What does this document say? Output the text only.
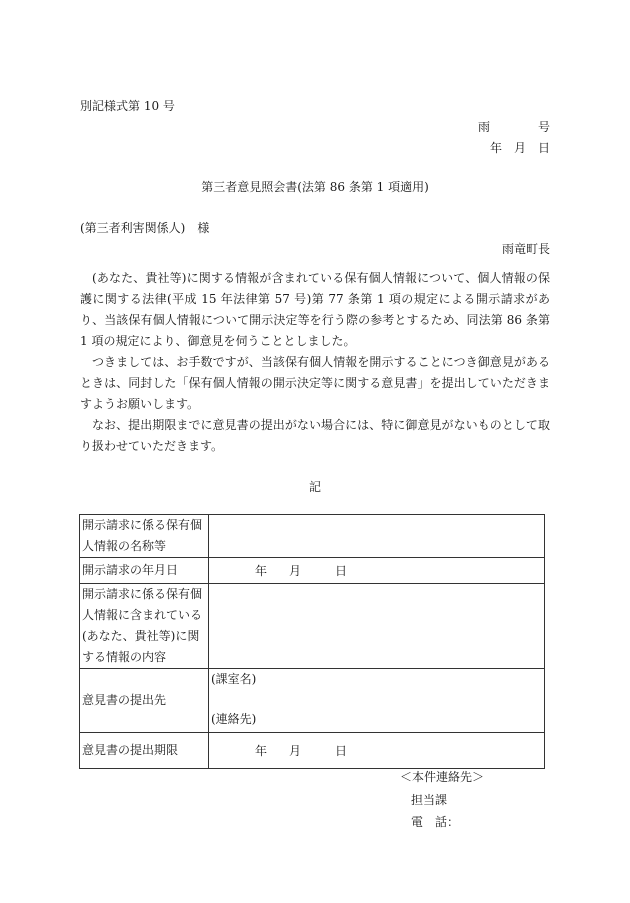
別記様式第 10 号
雨　　　　号
年　月　日
第三者意見照会書(法第 86 条第 1 項適用)
(第三者利害関係人)　様
雨竜町長

(あなた、貴社等)に関する情報が含まれている保有個人情報について、個人情報の保護に関する法律(平成 15 年法律第 57 号)第 77 条第 1 項の規定による開示請求があり、当該保有個人情報について開示決定等を行う際の参考とするため、同法第 86 条第 1 項の規定により、御意見を伺うこととしました。

つきましては、お手数ですが、当該保有個人情報を開示することにつき御意見があるときは、同封した「保有個人情報の開示決定等に関する意見書」を提出していただきますようお願いします。

なお、提出期限までに意見書の提出がない場合には、特に御意見がないものとして取り扱わせていただきます。

記
開示請求に係る保有個人情報の名称等	
開示請求の年月日	年 月 日

開示請求に係る保有個人情報に含まれている(あなた、貴社等)に関する情報の内容	
意見書の提出先	(課室名)
(連絡先)

意見書の提出期限	年 月 日
＜本件連絡先＞
担当課
電　話：
